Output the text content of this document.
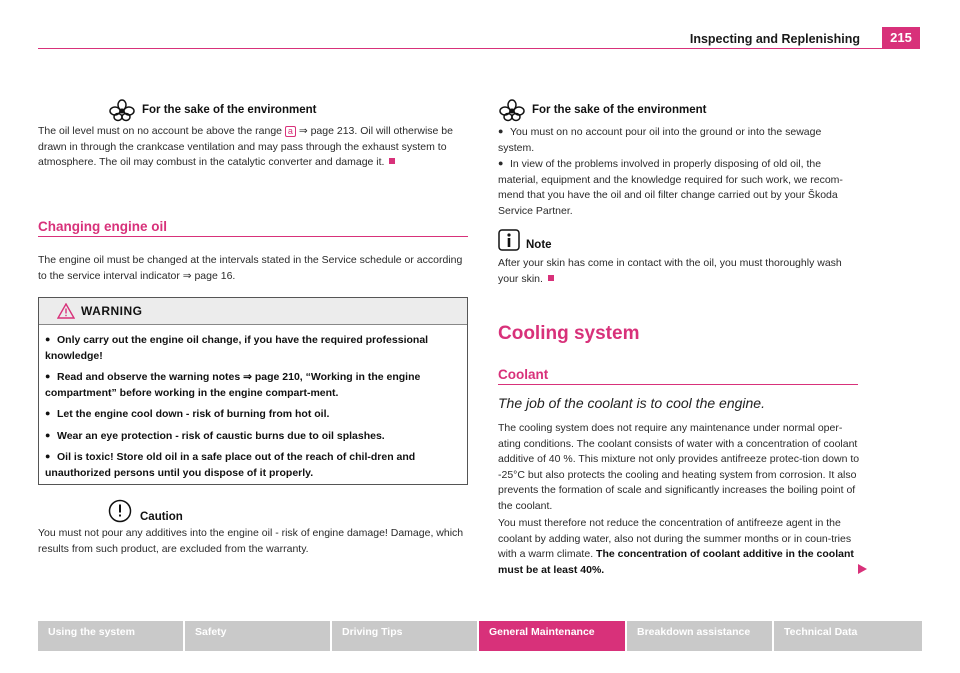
Inspecting and Replenishing	215
For the sake of the environment
The oil level must on no account be above the range a ⇒ page 213. Oil will otherwise be drawn in through the crankcase ventilation and may pass through the exhaust system to atmosphere. The oil may combust in the catalytic converter and damage it.
Changing engine oil
The engine oil must be changed at the intervals stated in the Service schedule or according to the service interval indicator ⇒ page 16.
WARNING
● Only carry out the engine oil change, if you have the required professional knowledge!
● Read and observe the warning notes ⇒ page 210, “Working in the engine compartment” before working in the engine compart-ment.
● Let the engine cool down - risk of burning from hot oil.
● Wear an eye protection - risk of caustic burns due to oil splashes.
● Oil is toxic! Store old oil in a safe place out of the reach of chil-dren and unauthorized persons until you dispose of it properly.
Caution
You must not pour any additives into the engine oil - risk of engine damage! Damage, which results from such product, are excluded from the warranty.
For the sake of the environment
● You must on no account pour oil into the ground or into the sewage system.
● In view of the problems involved in properly disposing of old oil, the material, equipment and the knowledge required for such work, we recom-mend that you have the oil and oil filter change carried out by your Škoda Service Partner.
Note
After your skin has come in contact with the oil, you must thoroughly wash your skin.
Cooling system
Coolant
The job of the coolant is to cool the engine.
The cooling system does not require any maintenance under normal oper-ating conditions. The coolant consists of water with a concentration of coolant additive of 40 %. This mixture not only provides antifreeze protec-tion down to -25°C but also protects the cooling and heating system from corrosion. It also prevents the formation of scale and significantly increases the boiling point of the coolant.
You must therefore not reduce the concentration of antifreeze agent in the coolant by adding water, also not during the summer months or in coun-tries with a warm climate. The concentration of coolant additive in the coolant must be at least 40%.
Using the system	Safety	Driving Tips	General Maintenance	Breakdown assistance	Technical Data
